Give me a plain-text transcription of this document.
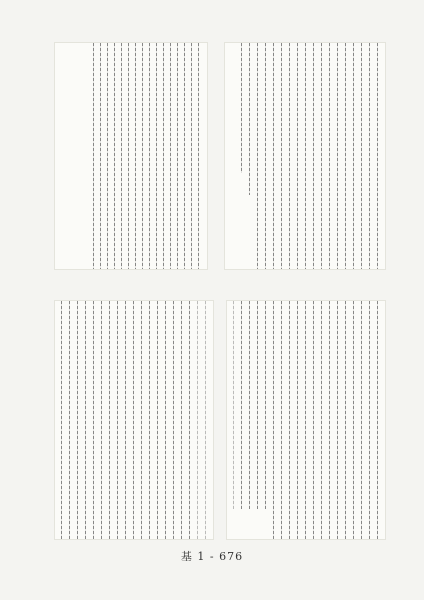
基 1 - 676
